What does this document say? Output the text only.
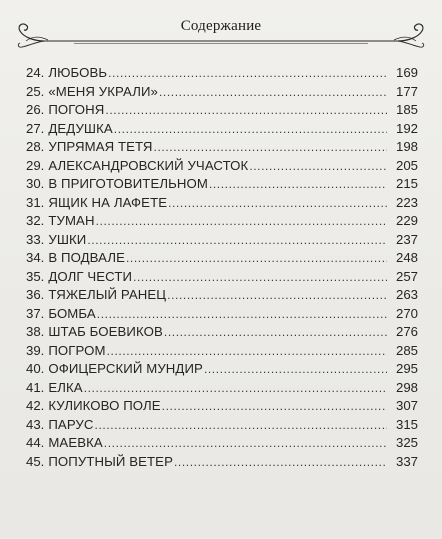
Содержание
24. ЛЮБОВЬ .....	169
25. «МЕНЯ УКРАЛИ» .....	177
26. ПОГОНЯ .....	185
27. ДЕДУШКА .....	192
28. УПРЯМАЯ ТЕТЯ .....	198
29. АЛЕКСАНДРОВСКИЙ УЧАСТОК .....	205
30. В ПРИГОТОВИТЕЛЬНОМ .....	215
31. ЯЩИК НА ЛАФЕТЕ .....	223
32. ТУМАН .....	229
33. УШКИ .....	237
34. В ПОДВАЛЕ .....	248
35. ДОЛГ ЧЕСТИ .....	257
36. ТЯЖЕЛЫЙ РАНЕЦ .....	263
37. БОМБА .....	270
38. ШТАБ БОЕВИКОВ .....	276
39. ПОГРОМ .....	285
40. ОФИЦЕРСКИЙ МУНДИР .....	295
41. ЕЛКА .....	298
42. КУЛИКОВО ПОЛЕ .....	307
43. ПАРУС .....	315
44. МАЕВКА .....	325
45. ПОПУТНЫЙ ВЕТЕР .....	337
